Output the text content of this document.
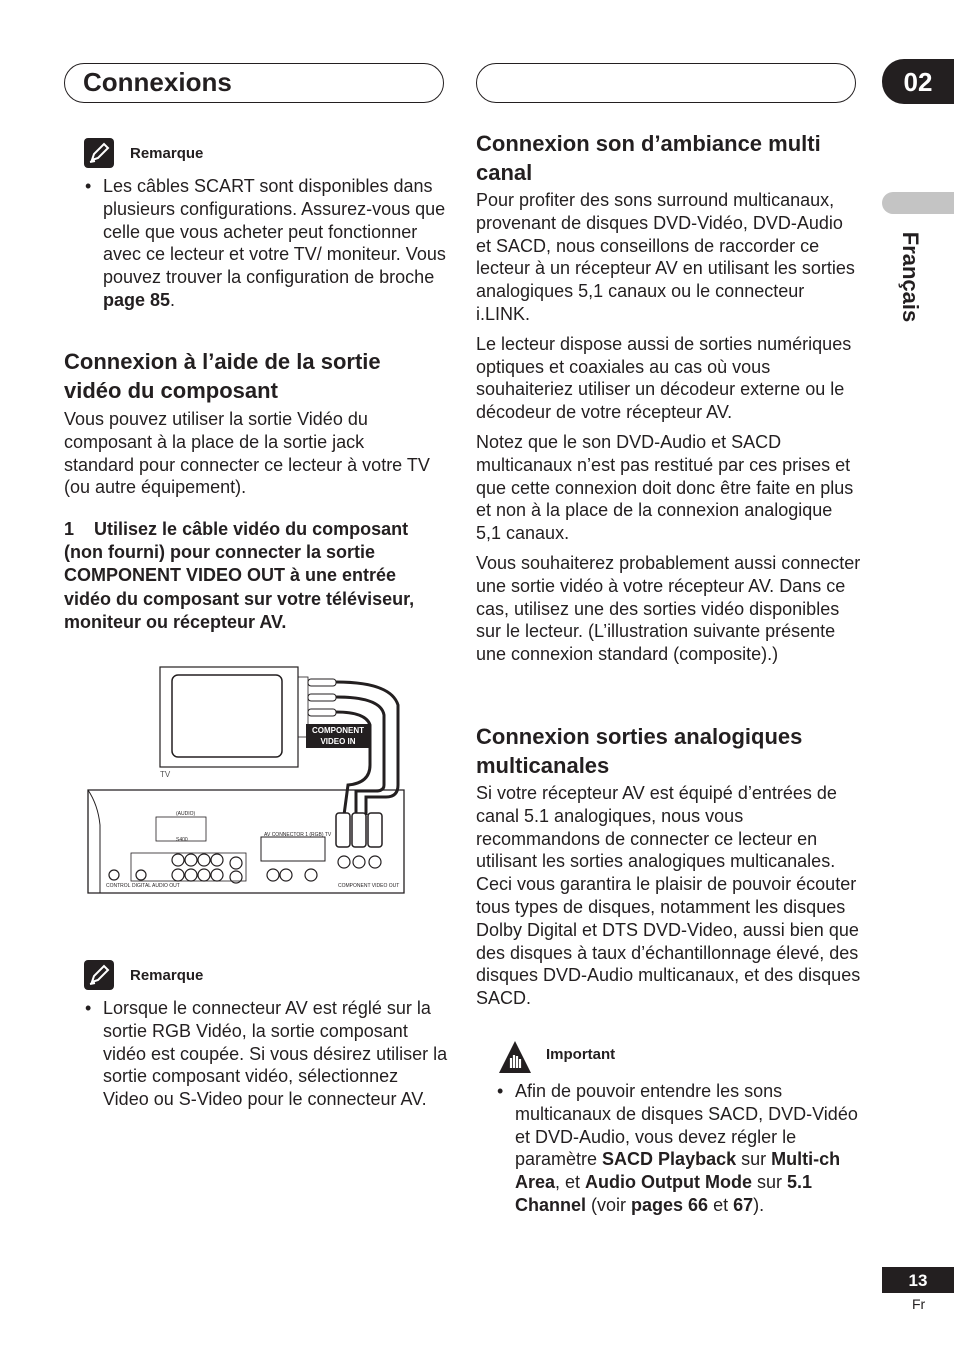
Connexions	02
Français
Remarque
• Les câbles SCART sont disponibles dans plusieurs configurations. Assurez-vous que celle que vous acheter peut fonctionner avec ce lecteur et votre TV/ moniteur. Vous pouvez trouver la configuration de broche page 85.
Connexion à l’aide de la sortie vidéo du composant
Vous pouvez utiliser la sortie Vidéo du composant à la place de la sortie jack standard pour connecter ce lecteur à votre TV (ou autre équipement).
1 Utilisez le câble vidéo du composant (non fourni) pour connecter la sortie COMPONENT VIDEO OUT à une entrée vidéo du composant sur votre téléviseur, moniteur ou récepteur AV.
TV
COMPONENT
VIDEO IN
(AUDIO)
S400
AV CONNECTOR 1 (RGB) TV
COMPONENT VIDEO OUT
CONTROL DIGITAL AUDIO OUT
Remarque
• Lorsque le connecteur AV est réglé sur la sortie RGB Vidéo, la sortie composant vidéo est coupée. Si vous désirez utiliser la sortie composant vidéo, sélectionnez Video ou S-Video pour le connecteur AV.
Connexion son d’ambiance multi canal

Pour profiter des sons surround multicanaux, provenant de disques DVD-Vidéo, DVD-Audio et SACD, nous conseillons de raccorder ce lecteur à un récepteur AV en utilisant les sorties analogiques 5,1 canaux ou le connecteur i.LINK.

Le lecteur dispose aussi de sorties numériques optiques et coaxiales au cas où vous souhaiteriez utiliser un décodeur externe ou le décodeur de votre récepteur AV.

Notez que le son DVD-Audio et SACD multicanaux n’est pas restitué par ces prises et que cette connexion doit donc être faite en plus et non à la place de la connexion analogique 5,1 canaux.

Vous souhaiterez probablement aussi connecter une sortie vidéo à votre récepteur AV. Dans ce cas, utilisez une des sorties vidéo disponibles sur le lecteur. (L’illustration suivante présente une connexion standard (composite).)

Connexion sorties analogiques multicanales
Si votre récepteur AV est équipé d’entrées de canal 5.1 analogiques, nous vous recommandons de connecter ce lecteur en utilisant les sorties analogiques multicanales. Ceci vous garantira le plaisir de pouvoir écouter tous types de disques, notamment les disques Dolby Digital et DTS DVD-Video, aussi bien que des disques à taux d’échantillonnage élevé, des disques DVD-Audio multicanaux, et des disques SACD.
Important
• Afin de pouvoir entendre les sons multicanaux de disques SACD, DVD-Vidéo et DVD-Audio, vous devez régler le paramètre SACD Playback sur Multi-ch Area, et Audio Output Mode sur 5.1 Channel (voir pages 66 et 67).
13
Fr
